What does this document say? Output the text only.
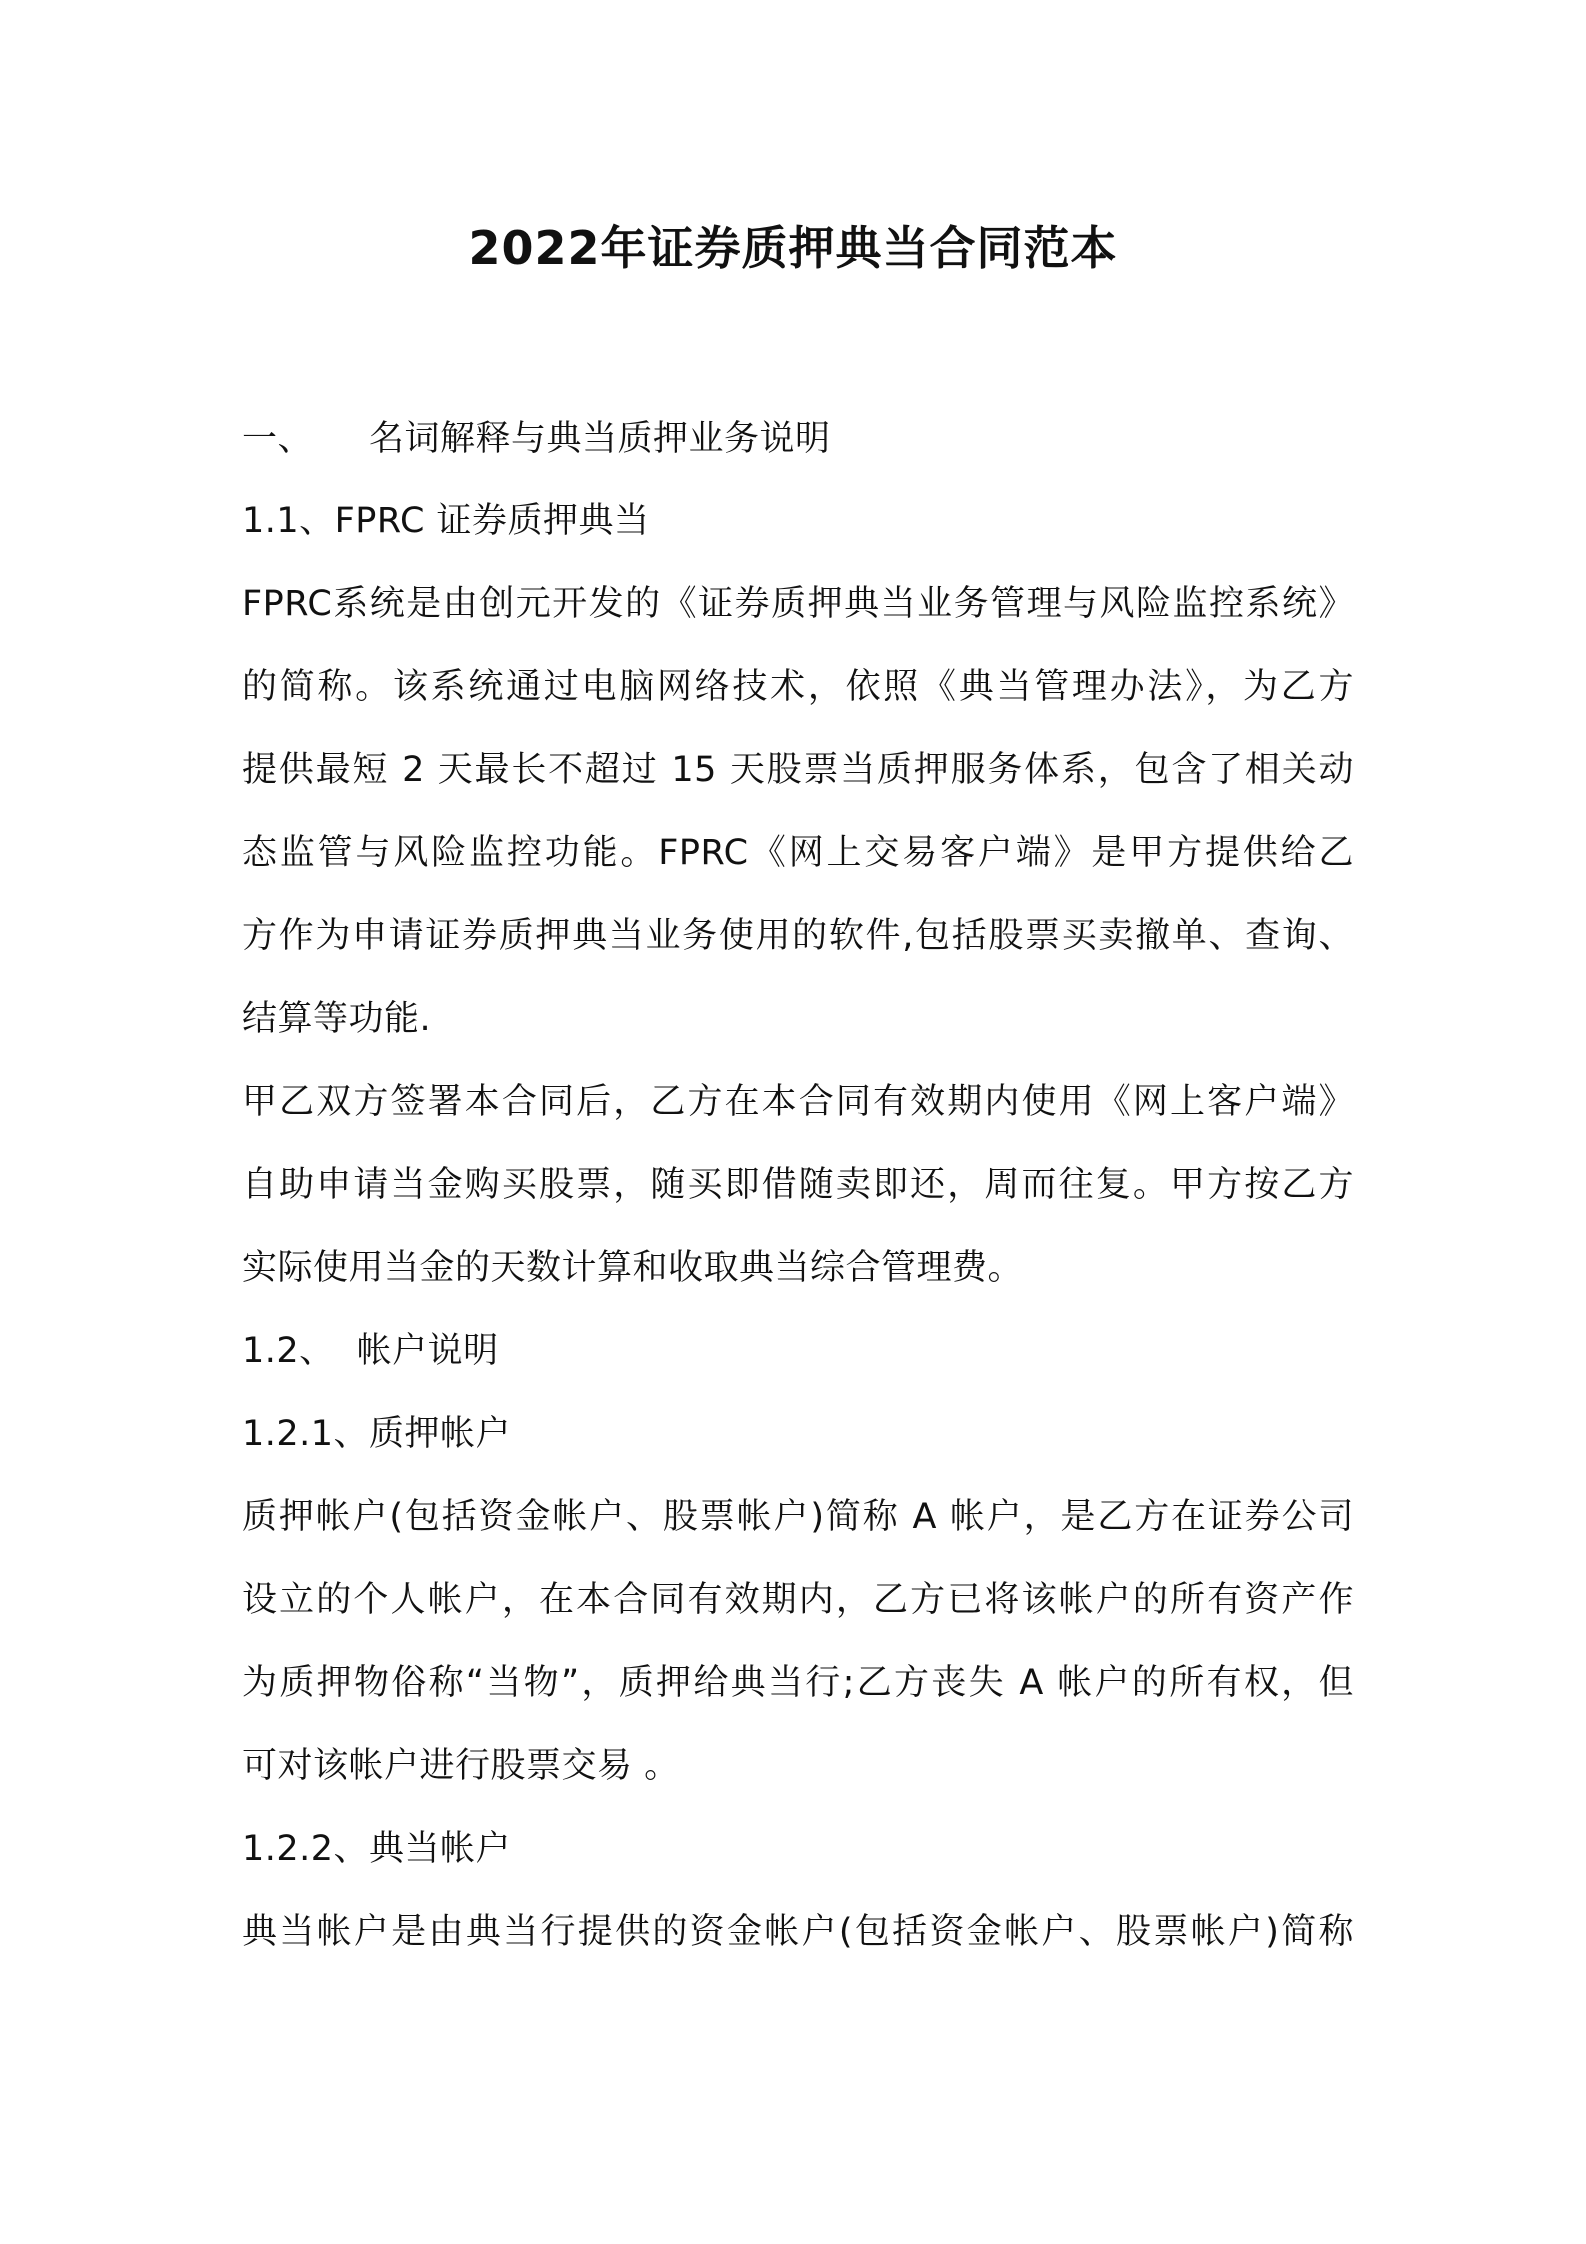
2022年证券质押典当合同范本
一、 名词解释与典当质押业务说明
1.1、FPRC 证券质押典当
FPRC系统是由创元开发的《证券质押典当业务管理与风险监控系统》
的简称。该系统通过电脑网络技术，依照《典当管理办法》，为乙方
提供最短 2 天最长不超过 15 天股票当质押服务体系，包含了相关动
态监管与风险监控功能。FPRC《网上交易客户端》是甲方提供给乙
方作为申请证券质押典当业务使用的软件,包括股票买卖撤单、查询、
结算等功能.
甲乙双方签署本合同后，乙方在本合同有效期内使用《网上客户端》
自助申请当金购买股票，随买即借随卖即还，周而往复。甲方按乙方
实际使用当金的天数计算和收取典当综合管理费。
1.2、 帐户说明
1.2.1、质押帐户
质押帐户(包括资金帐户、股票帐户)简称 A 帐户，是乙方在证券公司
设立的个人帐户，在本合同有效期内，乙方已将该帐户的所有资产作
为质押物俗称“当物”，质押给典当行;乙方丧失 A 帐户的所有权，但
可对该帐户进行股票交易 。
1.2.2、典当帐户
典当帐户是由典当行提供的资金帐户(包括资金帐户、股票帐户)简称
